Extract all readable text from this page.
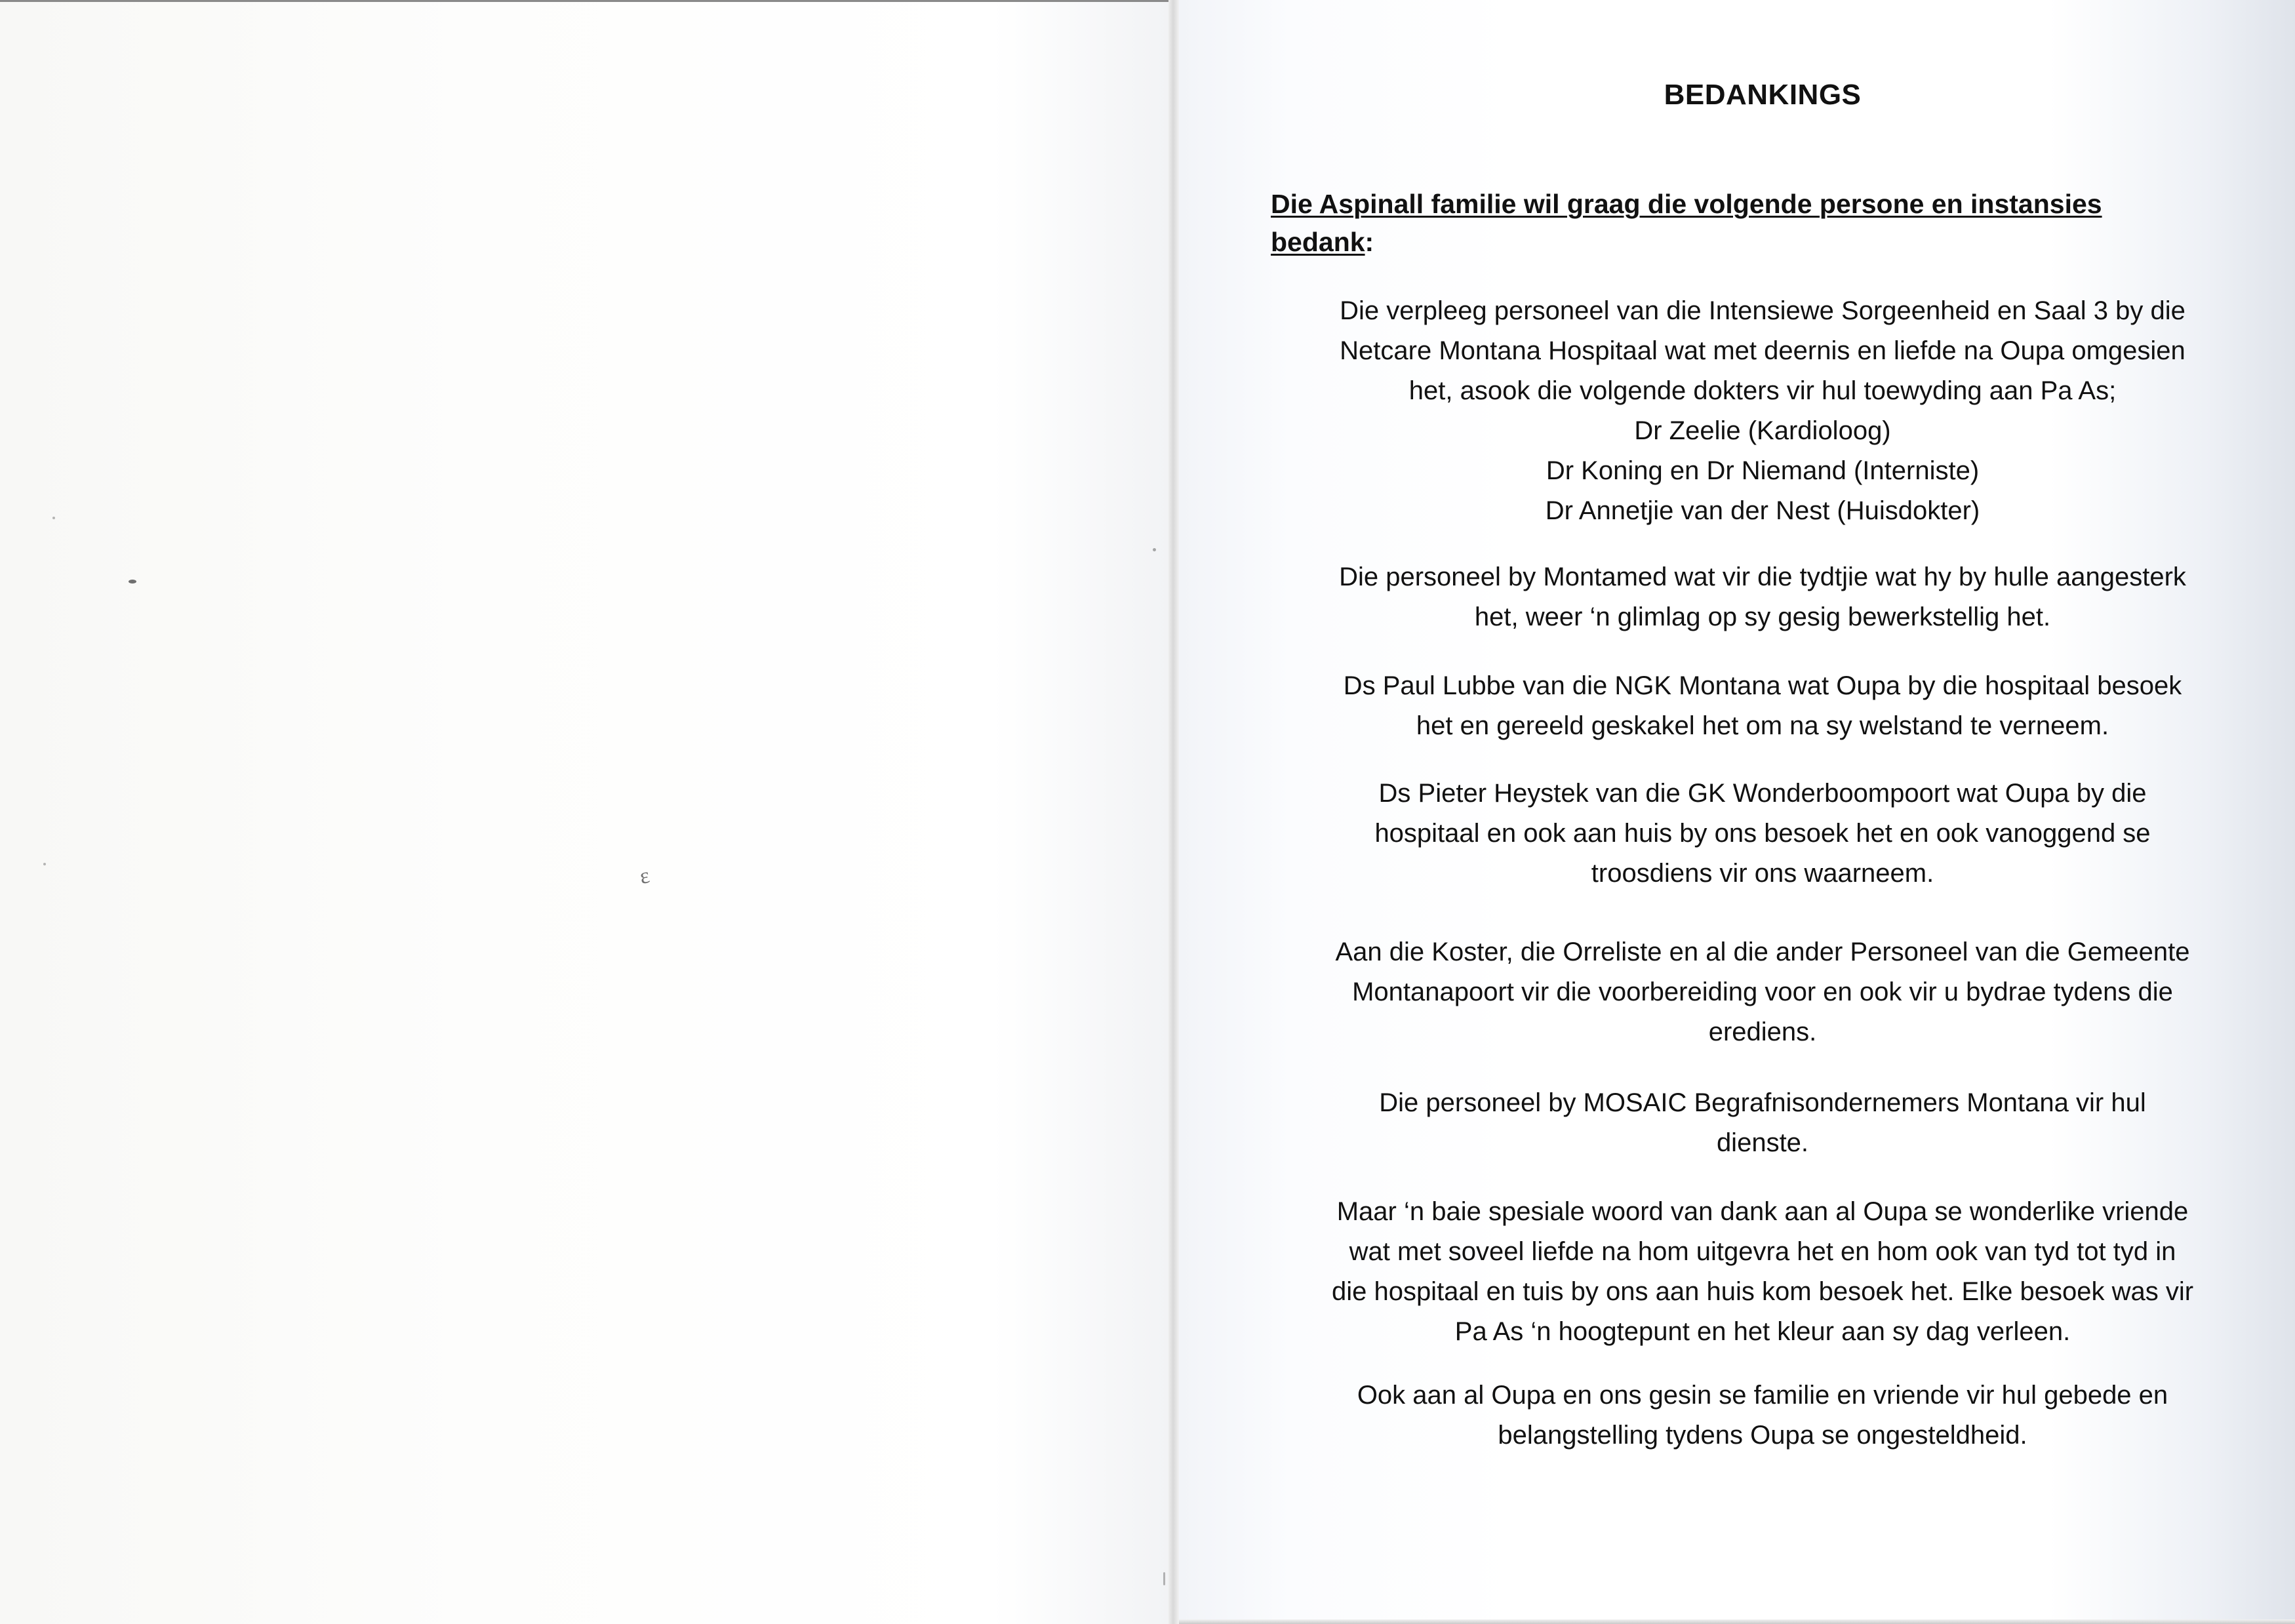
ɛ
BEDANKINGS
Die Aspinall familie wil graag die volgende persone en instansies
bedank:
Die verpleeg personeel van die Intensiewe Sorgeenheid en Saal 3 by die
Netcare Montana Hospitaal wat met deernis en liefde na Oupa omgesien
het, asook die volgende dokters vir hul toewyding aan Pa As;
Dr Zeelie (Kardioloog)
Dr Koning en Dr Niemand (Interniste)
Dr Annetjie van der Nest (Huisdokter)
Die personeel by Montamed wat vir die tydtjie wat hy by hulle aangesterk
het, weer ‘n glimlag op sy gesig bewerkstellig het.
Ds Paul Lubbe van die NGK Montana wat Oupa by die hospitaal besoek
het en gereeld geskakel het om na sy welstand te verneem.
Ds Pieter Heystek van die GK Wonderboompoort wat Oupa by die
hospitaal en ook aan huis by ons besoek het en ook vanoggend se
troosdiens vir ons waarneem.
Aan die Koster, die Orreliste en al die ander Personeel van die Gemeente
Montanapoort vir die voorbereiding voor en ook vir u bydrae tydens die
erediens.
Die personeel by MOSAIC Begrafnisondernemers Montana vir hul
dienste.
Maar ‘n baie spesiale woord van dank aan al Oupa se wonderlike vriende
wat met soveel liefde na hom uitgevra het en hom ook van tyd tot tyd in
die hospitaal en tuis by ons aan huis kom besoek het. Elke besoek was vir
Pa As ‘n hoogtepunt en het kleur aan sy dag verleen.
Ook aan al Oupa en ons gesin se familie en vriende vir hul gebede en
belangstelling tydens Oupa se ongesteldheid.
